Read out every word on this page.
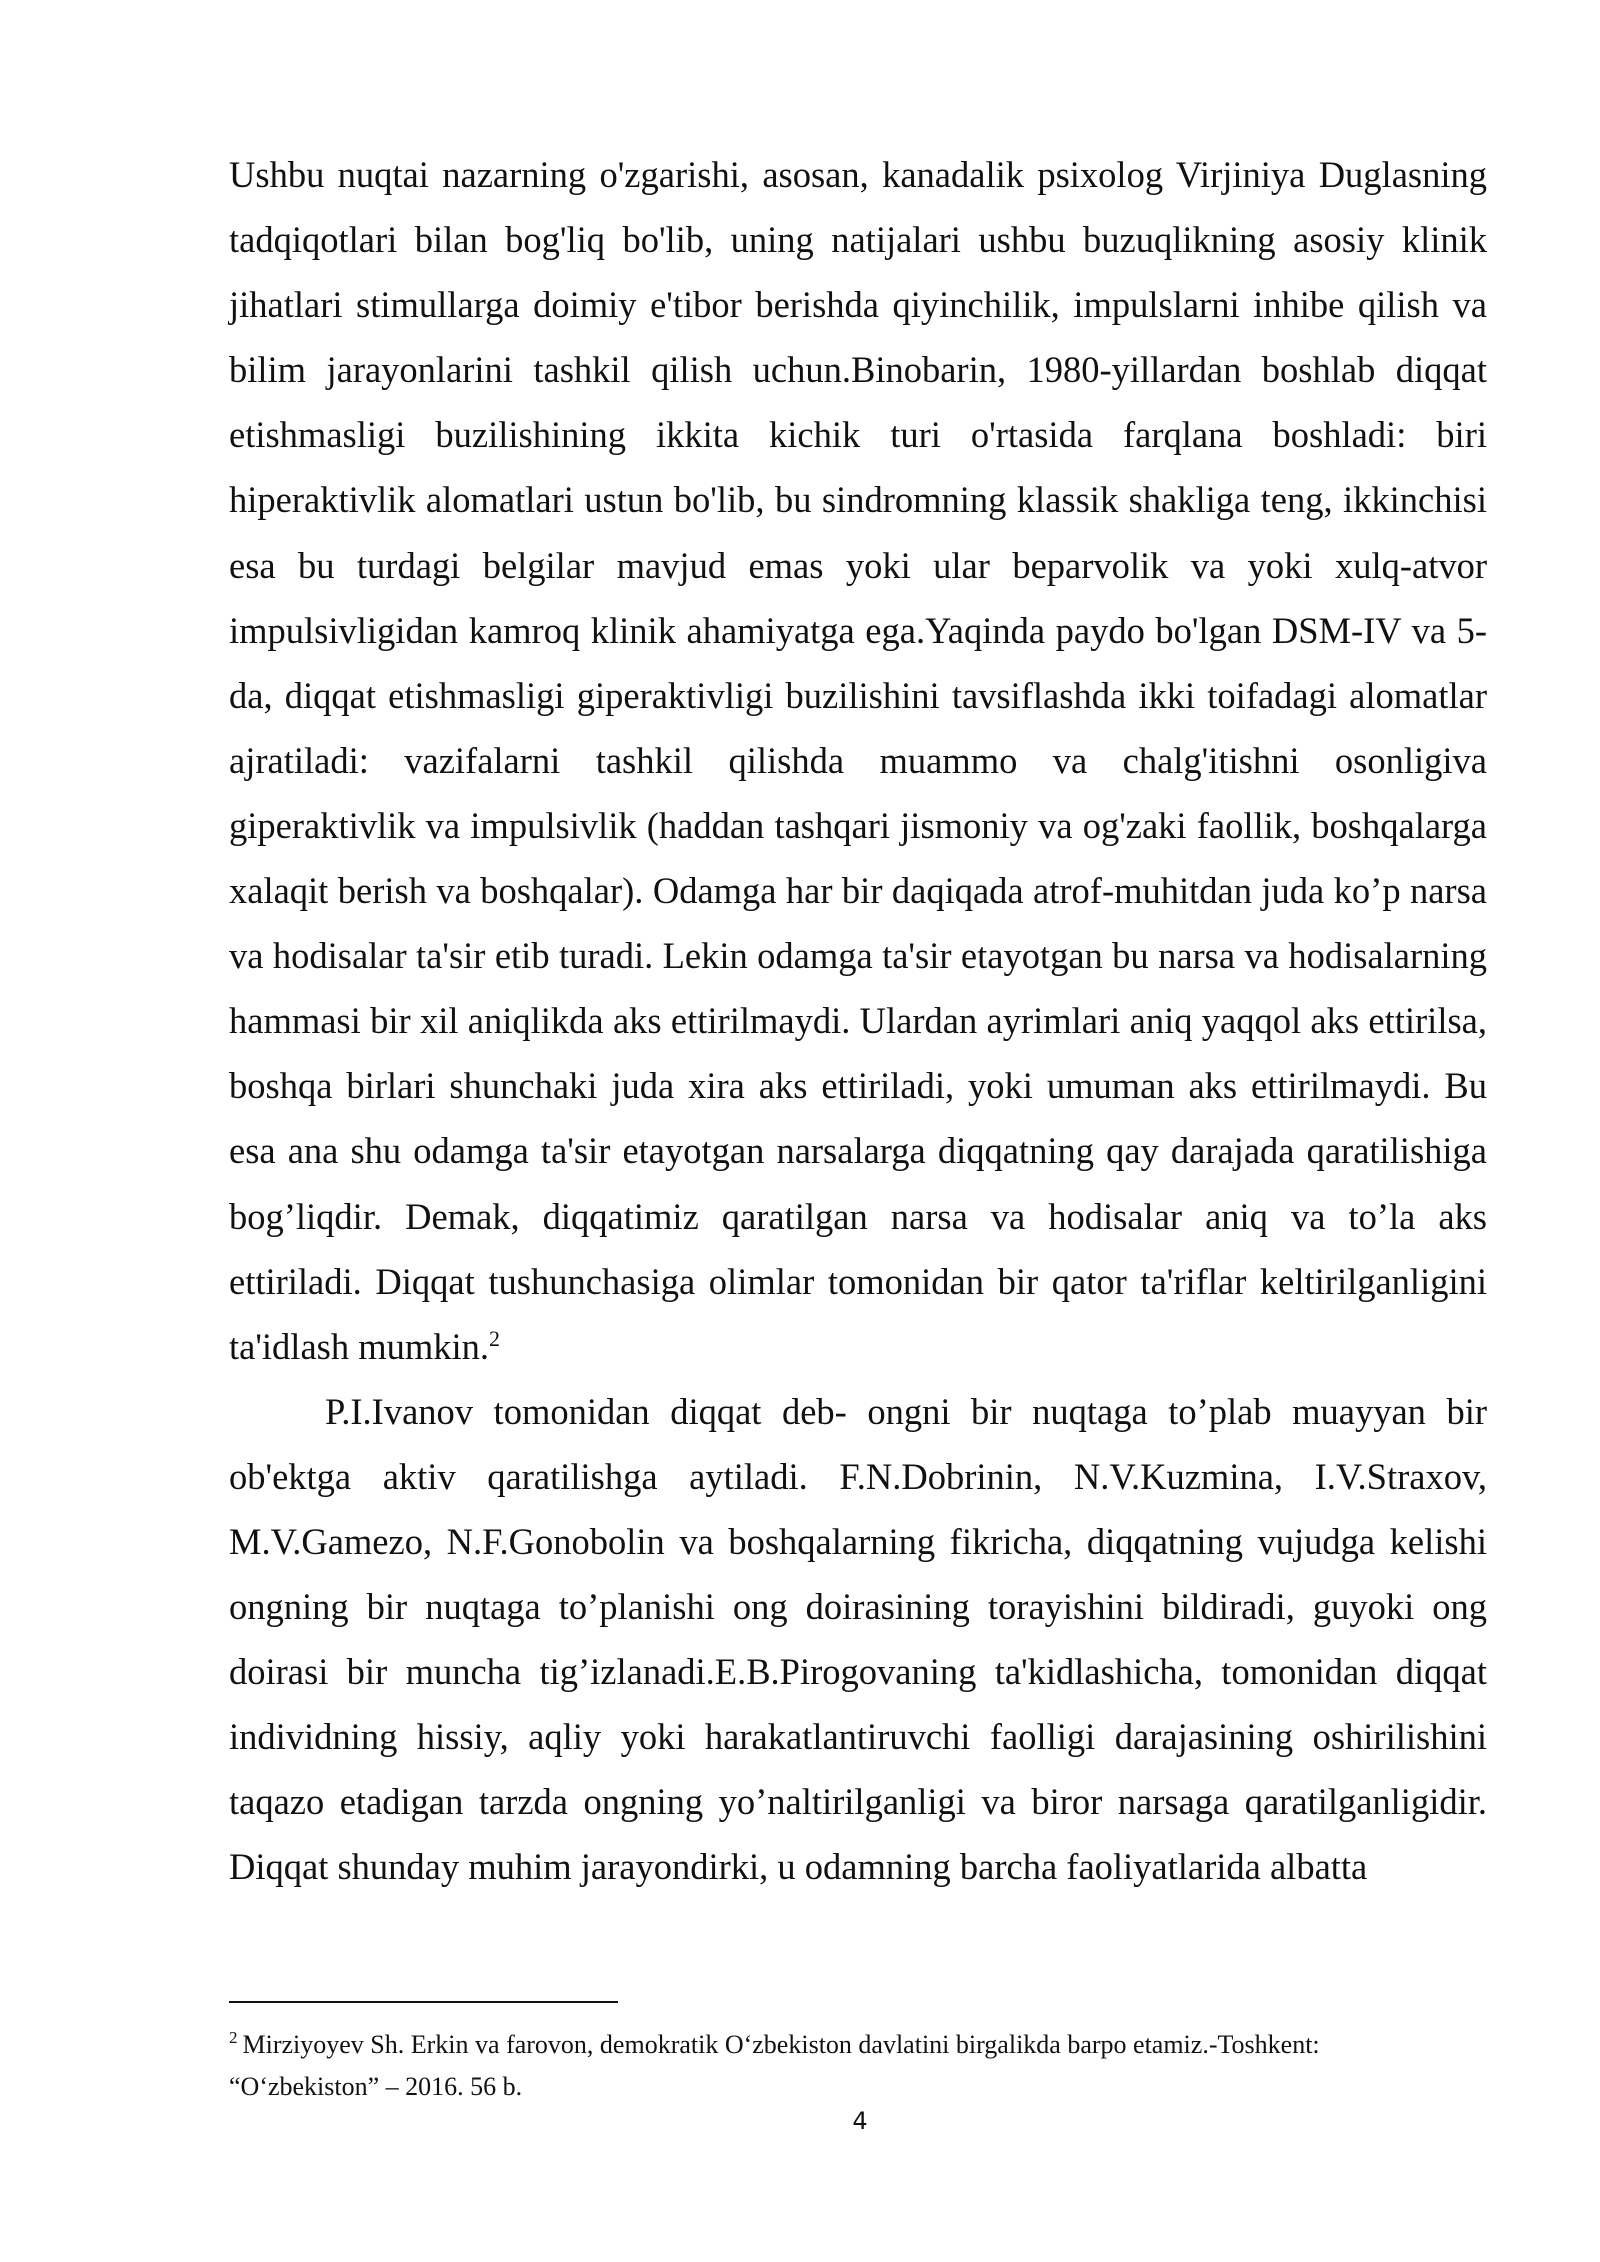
Ushbu nuqtai nazarning o'zgarishi, asosan, kanadalik psixolog Virjiniya Duglasning tadqiqotlari bilan bog'liq bo'lib, uning natijalari ushbu buzuqlikning asosiy klinik jihatlari stimullarga doimiy e'tibor berishda qiyinchilik, impulslarni inhibe qilish va bilim jarayonlarini tashkil qilish uchun.Binobarin, 1980-yillardan boshlab diqqat etishmasligi buzilishining ikkita kichik turi o'rtasida farqlana boshladi: biri hiperaktivlik alomatlari ustun bo'lib, bu sindromning klassik shakliga teng, ikkinchisi esa bu turdagi belgilar mavjud emas yoki ular beparvolik va yoki xulq-atvor impulsivligidan kamroq klinik ahamiyatga ega.Yaqinda paydo bo'lgan DSM-IV va 5-da, diqqat etishmasligi giperaktivligi buzilishini tavsiflashda ikki toifadagi alomatlar ajratiladi: vazifalarni tashkil qilishda muammo va chalg'itishni osonligiva giperaktivlik va impulsivlik (haddan tashqari jismoniy va og'zaki faollik, boshqalarga xalaqit berish va boshqalar). Odamga har bir daqiqada atrof-muhitdan juda ko’p narsa va hodisalar ta'sir etib turadi. Lekin odamga ta'sir etayotgan bu narsa va hodisalarning hammasi bir xil aniqlikda aks ettirilmaydi. Ulardan ayrimlari aniq yaqqol aks ettirilsa, boshqa birlari shunchaki juda xira aks ettiriladi, yoki umuman aks ettirilmaydi. Bu esa ana shu odamga ta'sir etayotgan narsalarga diqqatning qay darajada qaratilishiga bog’liqdir. Demak, diqqatimiz qaratilgan narsa va hodisalar aniq va to’la aks ettiriladi. Diqqat tushunchasiga olimlar tomonidan bir qator ta'riflar keltirilganligini ta'idlash mumkin.$^2$

P.I.Ivanov tomonidan diqqat deb- ongni bir nuqtaga to’plab muayyan bir ob'ektga aktiv qaratilishga aytiladi. F.N.Dobrinin, N.V.Kuzmina, I.V.Straxov, M.V.Gamezo, N.F.Gonobolin va boshqalarning fikricha, diqqatning vujudga kelishi ongning bir nuqtaga to’planishi ong doirasining torayishini bildiradi, guyoki ong doirasi bir muncha tig’izlanadi.E.B.Pirogovaning ta'kidlashicha, tomonidan diqqat individning hissiy, aqliy yoki harakatlantiruvchi faolligi darajasining oshirilishini taqazo etadigan tarzda ongning yo’naltirilganligi va biror narsaga qaratilganligidir. Diqqat shunday muhim jarayondirki, u odamning barcha faoliyatlarida albatta

$^2$ Mirziyoyev Sh. Erkin va farovon, demokratik O‘zbekiston davlatini birgalikda barpo etamiz.-Toshkent:
“O‘zbekiston” – 2016. 56 b.
4
